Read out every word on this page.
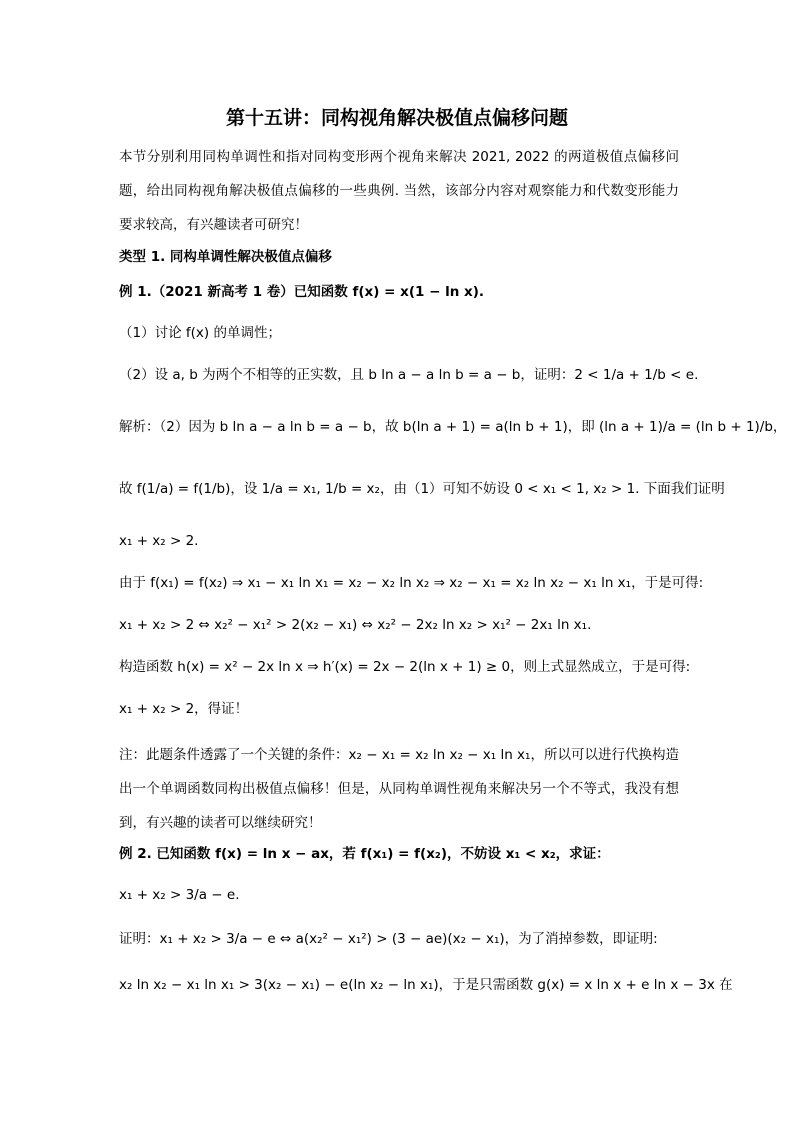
第十五讲：同构视角解决极值点偏移问题

本节分别利用同构单调性和指对同构变形两个视角来解决 2021, 2022 的两道极值点偏移问题，给出同构视角解决极值点偏移的一些典例. 当然，该部分内容对观察能力和代数变形能力要求较高，有兴趣读者可研究！

类型 1. 同构单调性解决极值点偏移

例 1.（2021 新高考 1 卷）已知函数 f(x) = x(1 − ln x).

（1）讨论 f(x) 的单调性；

（2）设 a, b 为两个不相等的正实数，且 b ln a − a ln b = a − b，证明：2 < 1/a + 1/b < e.

解析：（2）因为 b ln a − a ln b = a − b，故 b(ln a + 1) = a(ln b + 1)，即 (ln a + 1)/a = (ln b + 1)/b，

故 f(1/a) = f(1/b)，设 1/a = x₁, 1/b = x₂，由（1）可知不妨设 0 < x₁ < 1, x₂ > 1. 下面我们证明

x₁ + x₂ > 2.

由于 f(x₁) = f(x₂) ⇒ x₁ − x₁ ln x₁ = x₂ − x₂ ln x₂ ⇒ x₂ − x₁ = x₂ ln x₂ − x₁ ln x₁，于是可得:

x₁ + x₂ > 2 ⇔ x₂² − x₁² > 2(x₂ − x₁) ⇔ x₂² − 2x₂ ln x₂ > x₁² − 2x₁ ln x₁.

构造函数 h(x) = x² − 2x ln x ⇒ h′(x) = 2x − 2(ln x + 1) ≥ 0，则上式显然成立，于是可得:

x₁ + x₂ > 2，得证！

注：此题条件透露了一个关键的条件：x₂ − x₁ = x₂ ln x₂ − x₁ ln x₁，所以可以进行代换构造出一个单调函数同构出极值点偏移！但是，从同构单调性视角来解决另一个不等式，我没有想到，有兴趣的读者可以继续研究！

例 2. 已知函数 f(x) = ln x − ax，若 f(x₁) = f(x₂)，不妨设 x₁ < x₂，求证：

x₁ + x₂ > 3/a − e.

证明：x₁ + x₂ > 3/a − e ⇔ a(x₂² − x₁²) > (3 − ae)(x₂ − x₁)，为了消掉参数，即证明:

x₂ ln x₂ − x₁ ln x₁ > 3(x₂ − x₁) − e(ln x₂ − ln x₁)，于是只需函数 g(x) = x ln x + e ln x − 3x 在
